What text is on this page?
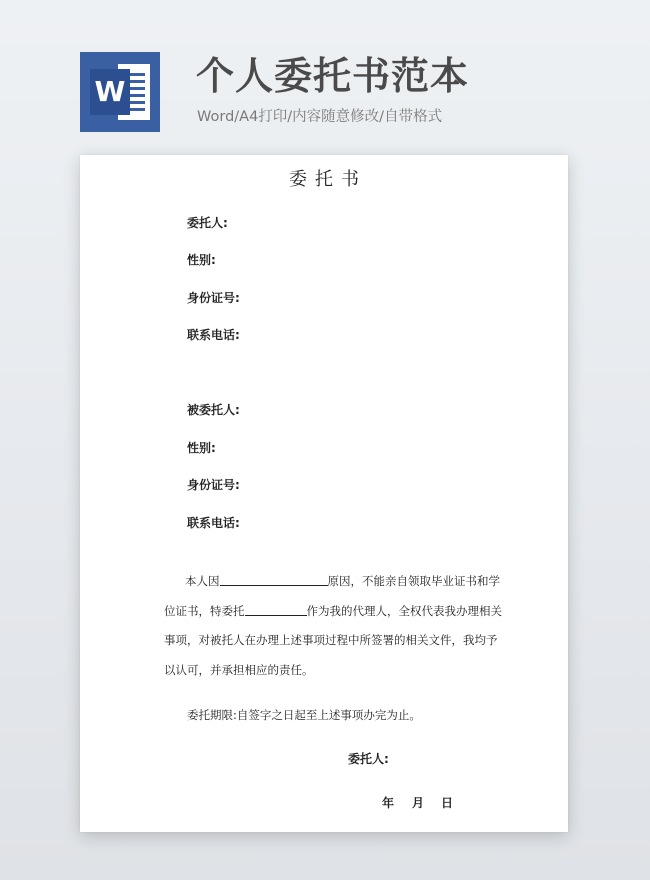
W 个人委托书范本
Word/A4打印/内容随意修改/自带格式
委托书
委托人:
性别:
身份证号:
联系电话:
被委托人:
性别:
身份证号:
联系电话:

本人因	原因，不能亲自领取毕业证书和学位证书，特委托	作为我的代理人，全权代表我办理相关事项，对被托人在办理上述事项过程中所签署的相关文件，我均予以认可，并承担相应的责任。

委托期限:自签字之日起至上述事项办完为止。
委托人:
年 月 日
